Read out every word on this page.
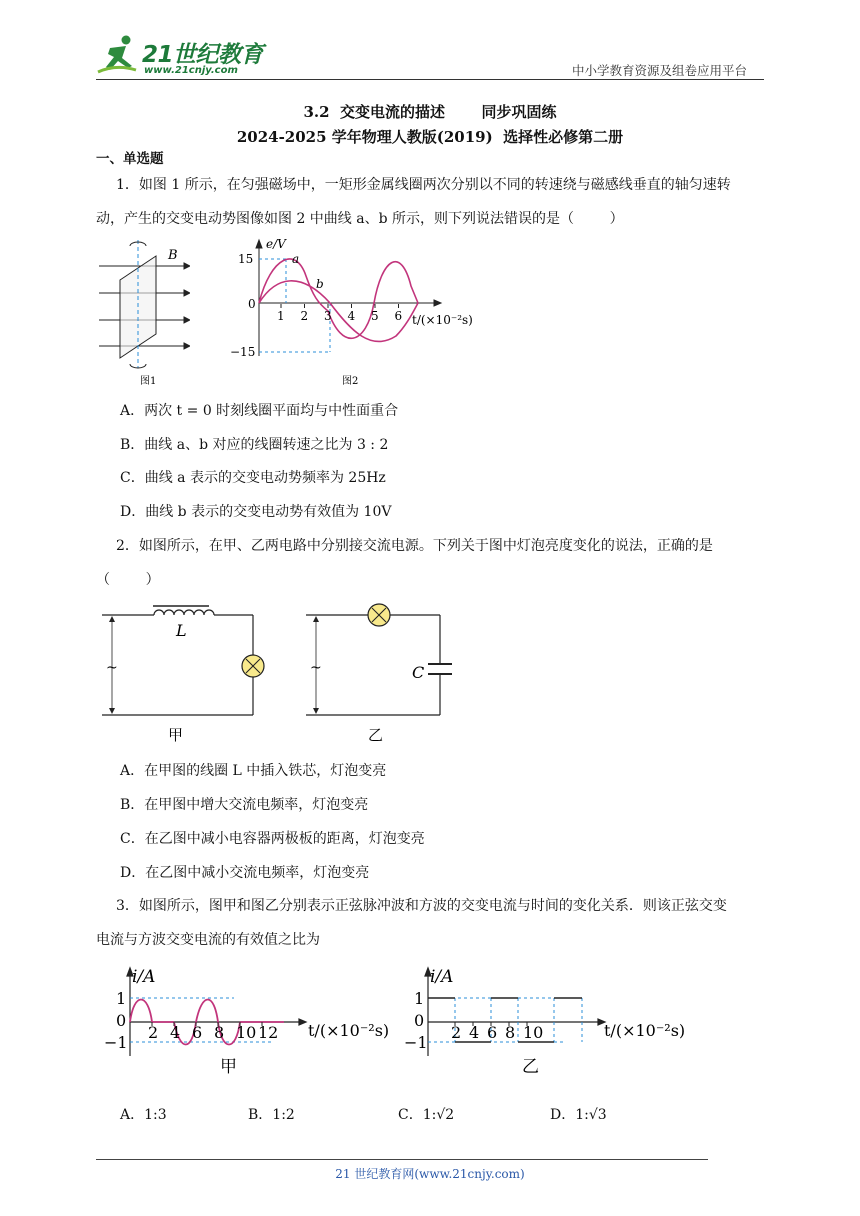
21世纪教育
www.21cnjy.com	中小学教育资源及组卷应用平台
3.2  交变电流的描述       同步巩固练
2024-2025 学年物理人教版(2019)  选择性必修第二册
一、单选题
1．如图 1 所示，在匀强磁场中，一矩形金属线圈两次分别以不同的转速绕与磁感线垂直的轴匀速转
动，产生的交变电动势图像如图 2 中曲线 a、b 所示，则下列说法错误的是（        ）
B
图1
e/V
15
0
−15
a
b
1 2 3 4 5 6 t/(×10⁻²s)
图2
A．两次 t = 0 时刻线圈平面均与中性面重合
B．曲线 a、b 对应的线圈转速之比为 3 : 2
C．曲线 a 表示的交变电动势频率为 25Hz
D．曲线 b 表示的交变电动势有效值为 10V
2．如图所示，在甲、乙两电路中分别接交流电源。下列关于图中灯泡亮度变化的说法，正确的是
（        ）
L
C
~	~
甲	乙
A．在甲图的线圈 L 中插入铁芯，灯泡变亮
B．在甲图中增大交流电频率，灯泡变亮
C．在乙图中减小电容器两极板的距离，灯泡变亮
D．在乙图中减小交流电频率，灯泡变亮
3．如图所示，图甲和图乙分别表示正弦脉冲波和方波的交变电流与时间的变化关系．则该正弦交变
电流与方波交变电流的有效值之比为
i/A
1
0
−1
2 4 6 8 10 12 t/(×10⁻²s)
甲
i/A
1
0
−1
2 4 6 8 10	t/(×10⁻²s)
乙
A．1:3	B．1:2	C．1:√2	D．1:√3
21 世纪教育网(www.21cnjy.com)
